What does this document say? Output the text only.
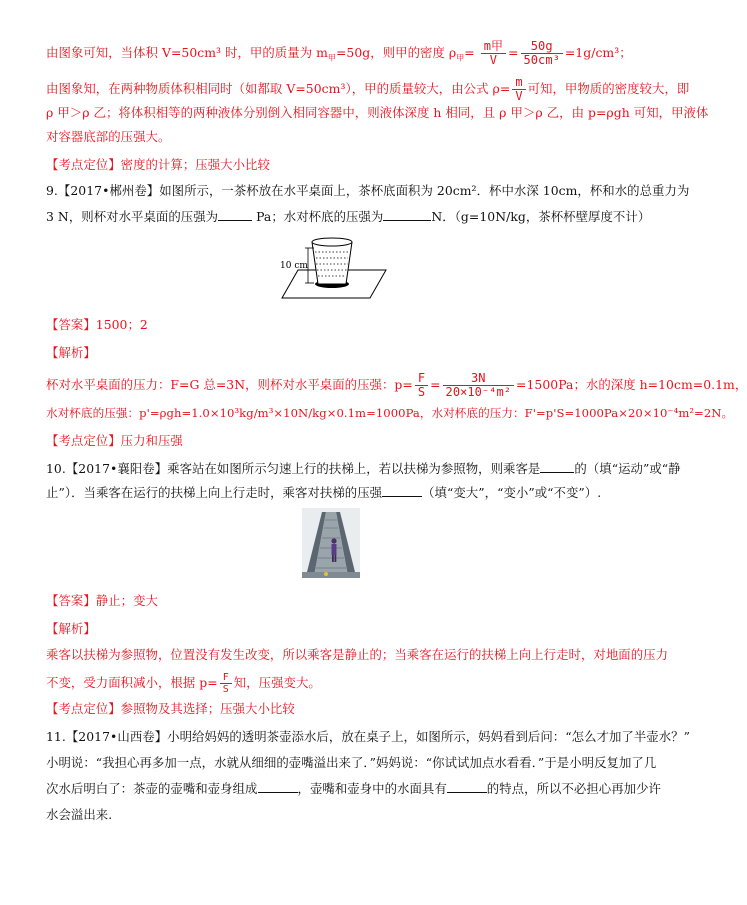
由图象可知，当体积 V=50cm³ 时，甲的质量为 $m_甲=50g$，则甲的密度 $\rho_甲= \frac{\text{m甲}}{V} = \frac{50g}{\text{50cm³}} =1g/cm^3$；
由图象知，在两种物质体积相同时（如都取 V=50cm³），甲的质量较大，由公式 $\rho= \frac{m}{V}$ 可知，甲物质的密度较大，即
ρ 甲＞ρ 乙；将体积相等的两种液体分别倒入相同容器中，则液体深度 h 相同，且 ρ 甲＞ρ 乙，由 p=ρgh 可知，甲液体
对容器底部的压强大。
【考点定位】密度的计算；压强大小比较
9.【2017•郴州卷】如图所示，一茶杯放在水平桌面上，茶杯底面积为 20cm²．杯中水深 10cm，杯和水的总重力为
3 N，则杯对水平桌面的压强为	Pa；水对杯底的压强为	N．（g=10N/kg，茶杯杯壁厚度不计）
10 cm
【答案】1500；2
【解析】
杯对水平桌面的压力：F=G 总=3N，则杯对水平桌面的压强：$p= \frac{F}{S} = \frac{3N}{\text{20×10⁻⁴m²}} =1500Pa$；水的深度 h=10cm=0.1m，
水对杯底的压强：p'=ρgh=1.0×10³kg/m³×10N/kg×0.1m=1000Pa，水对杯底的压力：F'=p'S=1000Pa×20×10⁻⁴m²=2N。
【考点定位】压力和压强
10.【2017•襄阳卷】乘客站在如图所示匀速上行的扶梯上，若以扶梯为参照物，则乘客是	的（填“运动”或“静
止”）．当乘客在运行的扶梯上向上行走时，乘客对扶梯的压强	（填“变大”，“变小”或“不变”）.
【答案】静止；变大
【解析】
乘客以扶梯为参照物，位置没有发生改变，所以乘客是静止的；当乘客在运行的扶梯上向上行走时，对地面的压力
不变，受力面积减小，根据 $p= \frac{F}{S}$ 知，压强变大。
【考点定位】参照物及其选择；压强大小比较
11.【2017•山西卷】小明给妈妈的透明茶壶添水后，放在桌子上，如图所示，妈妈看到后问：“怎么才加了半壶水？”
小明说：“我担心再多加一点，水就从细细的壶嘴溢出来了．”妈妈说：“你试试加点水看看．”于是小明反复加了几
次水后明白了：茶壶的壶嘴和壶身组成	，壶嘴和壶身中的水面具有	的特点，所以不必担心再加少许
水会溢出来.
